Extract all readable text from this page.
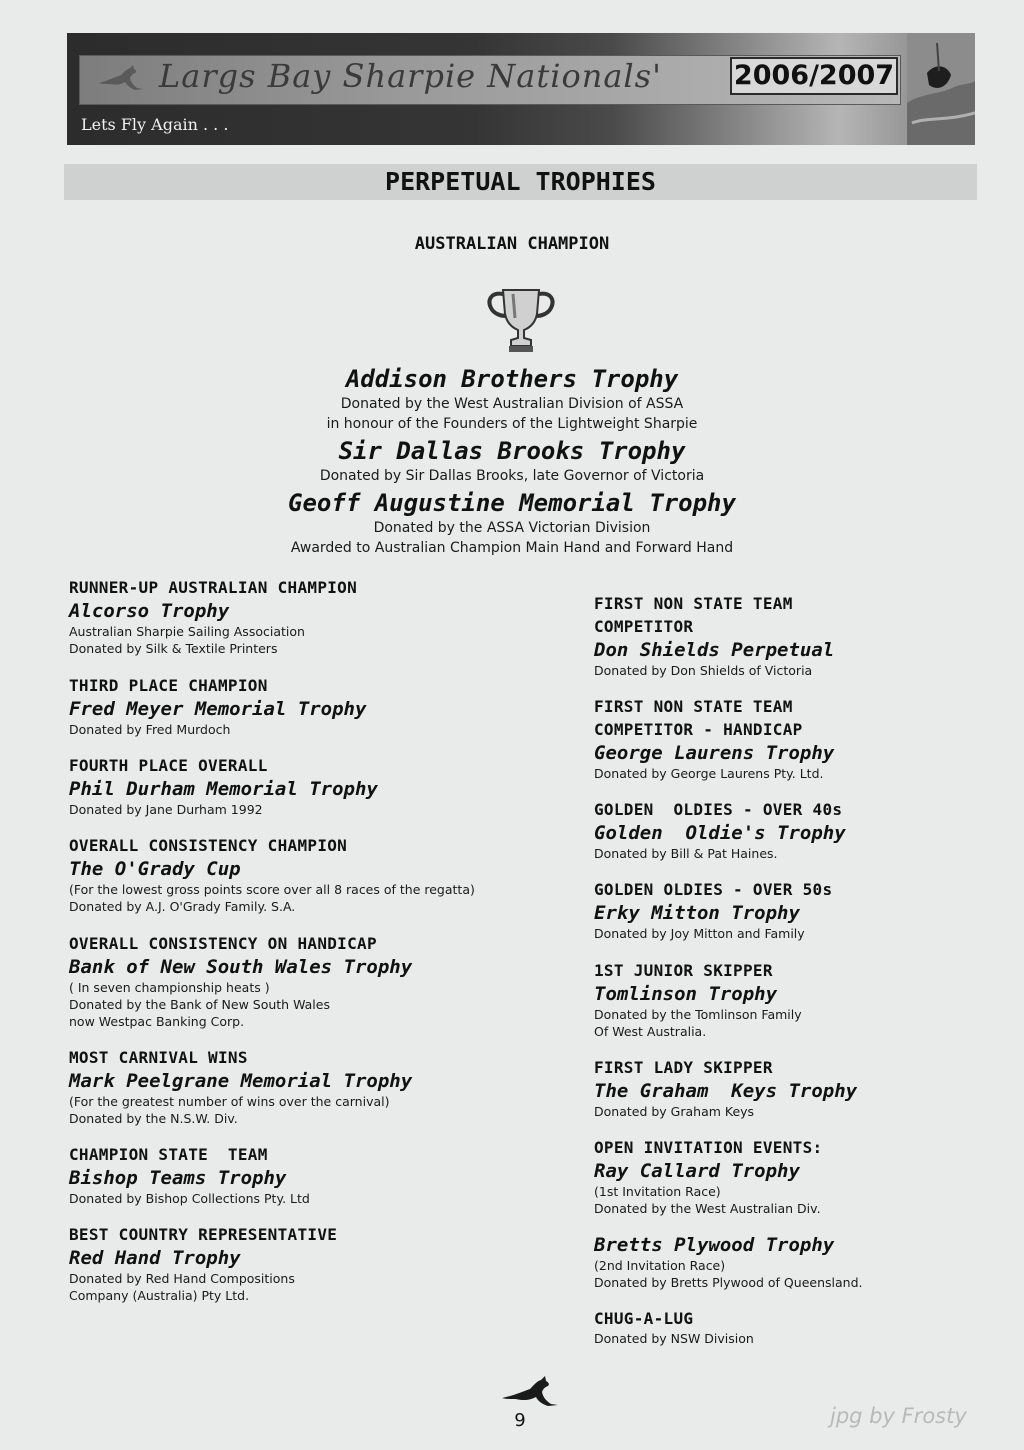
Largs Bay Sharpie Nationals'	2006/2007
Lets Fly Again . . .
PERPETUAL TROPHIES
AUSTRALIAN CHAMPION
Addison Brothers Trophy
Donated by the West Australian Division of ASSA
in honour of the Founders of the Lightweight Sharpie
Sir Dallas Brooks Trophy
Donated by Sir Dallas Brooks, late Governor of Victoria
Geoff Augustine Memorial Trophy
Donated by the ASSA Victorian Division
Awarded to Australian Champion Main Hand and Forward Hand
RUNNER-UP AUSTRALIAN CHAMPION
Alcorso Trophy
Australian Sharpie Sailing Association
Donated by Silk & Textile Printers
THIRD PLACE CHAMPION
Fred Meyer Memorial Trophy
Donated by Fred Murdoch
FOURTH PLACE OVERALL
Phil Durham Memorial Trophy
Donated by Jane Durham 1992
OVERALL CONSISTENCY CHAMPION
The O'Grady Cup
(For the lowest gross points score over all 8 races of the regatta)
Donated by A.J. O'Grady Family. S.A.
OVERALL CONSISTENCY ON HANDICAP
Bank of New South Wales Trophy
( In seven championship heats )
Donated by the Bank of New South Wales
now Westpac Banking Corp.
MOST CARNIVAL WINS
Mark Peelgrane Memorial Trophy
(For the greatest number of wins over the carnival)
Donated by the N.S.W. Div.
CHAMPION STATE  TEAM
Bishop Teams Trophy
Donated by Bishop Collections Pty. Ltd
BEST COUNTRY REPRESENTATIVE
Red Hand Trophy
Donated by Red Hand Compositions
Company (Australia) Pty Ltd.
FIRST NON STATE TEAM
COMPETITOR
Don Shields Perpetual
Donated by Don Shields of Victoria
FIRST NON STATE TEAM
COMPETITOR - HANDICAP
George Laurens Trophy
Donated by George Laurens Pty. Ltd.
GOLDEN  OLDIES - OVER 40s
Golden  Oldie's Trophy
Donated by Bill & Pat Haines.
GOLDEN OLDIES - OVER 50s
Erky Mitton Trophy
Donated by Joy Mitton and Family
1ST JUNIOR SKIPPER
Tomlinson Trophy
Donated by the Tomlinson Family
Of West Australia.
FIRST LADY SKIPPER
The Graham  Keys Trophy
Donated by Graham Keys
OPEN INVITATION EVENTS:
Ray Callard Trophy
(1st Invitation Race)
Donated by the West Australian Div.
Bretts Plywood Trophy
(2nd Invitation Race)
Donated by Bretts Plywood of Queensland.
CHUG-A-LUG
Donated by NSW Division
9	jpg by Frosty
